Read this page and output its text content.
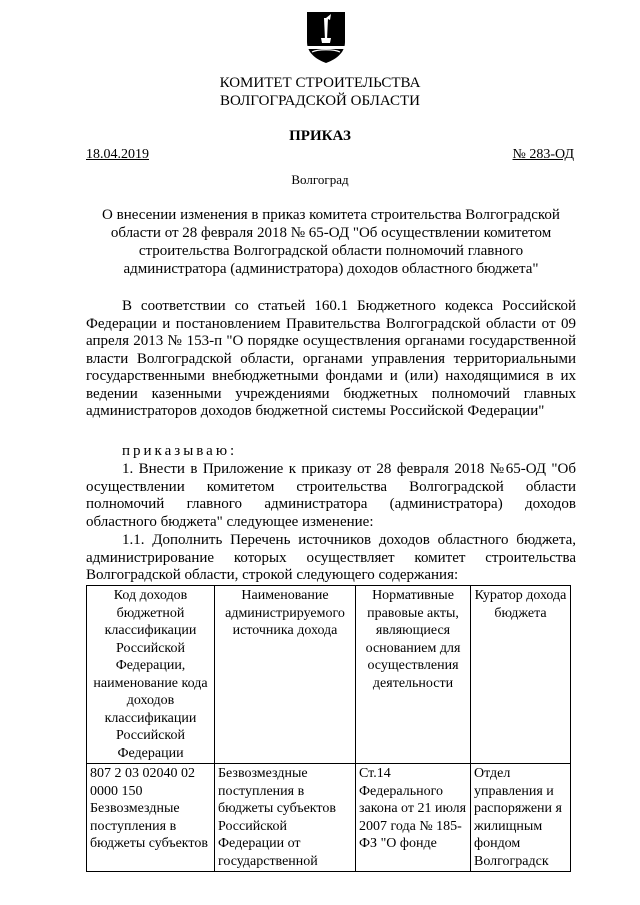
КОМИТЕТ СТРОИТЕЛЬСТВА
ВОЛГОГРАДСКОЙ ОБЛАСТИ
ПРИКАЗ
18.04.2019	№ 283-ОД
Волгоград
О внесении изменения в приказ комитета строительства Волгоградской области от 28 февраля 2018 № 65-ОД "Об осуществлении комитетом строительства Волгоградской области полномочий главного администратора (администратора) доходов областного бюджета"
В соответствии со статьей 160.1 Бюджетного кодекса Российской Федерации и постановлением Правительства Волгоградской области от 09 апреля 2013 № 153-п "О порядке осуществления органами государственной власти Волгоградской области, органами управления территориальными государственными внебюджетными фондами и (или) находящимися в их ведении казенными учреждениями бюджетных полномочий главных администраторов доходов бюджетной системы Российской Федерации"
приказываю:
1. Внести в Приложение к приказу от 28 февраля 2018 №65-ОД "Об осуществлении комитетом строительства Волгоградской области полномочий главного администратора (администратора) доходов областного бюджета" следующее изменение:
1.1. Дополнить Перечень источников доходов областного бюджета, администрирование которых осуществляет комитет строительства Волгоградской области, строкой следующего содержания:
Код доходов бюджетной классификации Российской Федерации, наименование кода доходов классификации Российской Федерации	Наименование администрируемого источника дохода	Нормативные правовые акты, являющиеся основанием для осуществления деятельности	Куратор дохода бюджета

807 2 03 02040 02 0000 150 Безвозмездные поступления в бюджеты субъектов	Безвозмездные поступления в бюджеты субъектов Российской Федерации от государственной	Ст.14 Федерального закона от 21 июля 2007 года № 185-ФЗ "О фонде	Отдел управления и распоряжени я жилищным фондом Волгоградск
